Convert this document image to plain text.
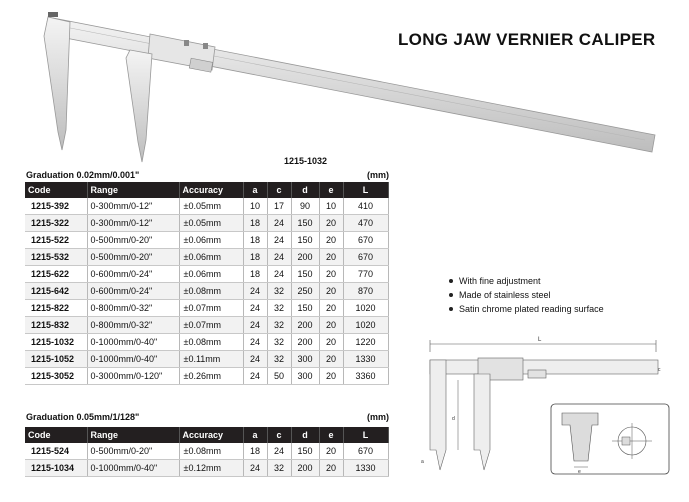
LONG JAW VERNIER CALIPER
1215-1032
Graduation 0.02mm/0.001"	(mm)
Code	Range	Accuracy	a	c	d	e	L
1215-392	0-300mm/0-12"	±0.05mm	10	17	90	10	410
1215-322	0-300mm/0-12"	±0.05mm	18	24	150	20	470
1215-522	0-500mm/0-20"	±0.06mm	18	24	150	20	670
1215-532	0-500mm/0-20"	±0.06mm	18	24	200	20	670
1215-622	0-600mm/0-24"	±0.06mm	18	24	150	20	770
1215-642	0-600mm/0-24"	±0.08mm	24	32	250	20	870
1215-822	0-800mm/0-32"	±0.07mm	24	32	150	20	1020
1215-832	0-800mm/0-32"	±0.07mm	24	32	200	20	1020
1215-1032	0-1000mm/0-40"	±0.08mm	24	32	200	20	1220
1215-1052	0-1000mm/0-40"	±0.11mm	24	32	300	20	1330
1215-3052	0-3000mm/0-120"	±0.26mm	24	50	300	20	3360
Graduation 0.05mm/1/128"	(mm)
Code	Range	Accuracy	a	c	d	e	L
1215-524	0-500mm/0-20"	±0.08mm	18	24	150	20	670
1215-1034	0-1000mm/0-40"	±0.12mm	24	32	200	20	1330
With fine adjustment
Made of stainless steel
Satin chrome plated reading surface
L
c
d
a
e
